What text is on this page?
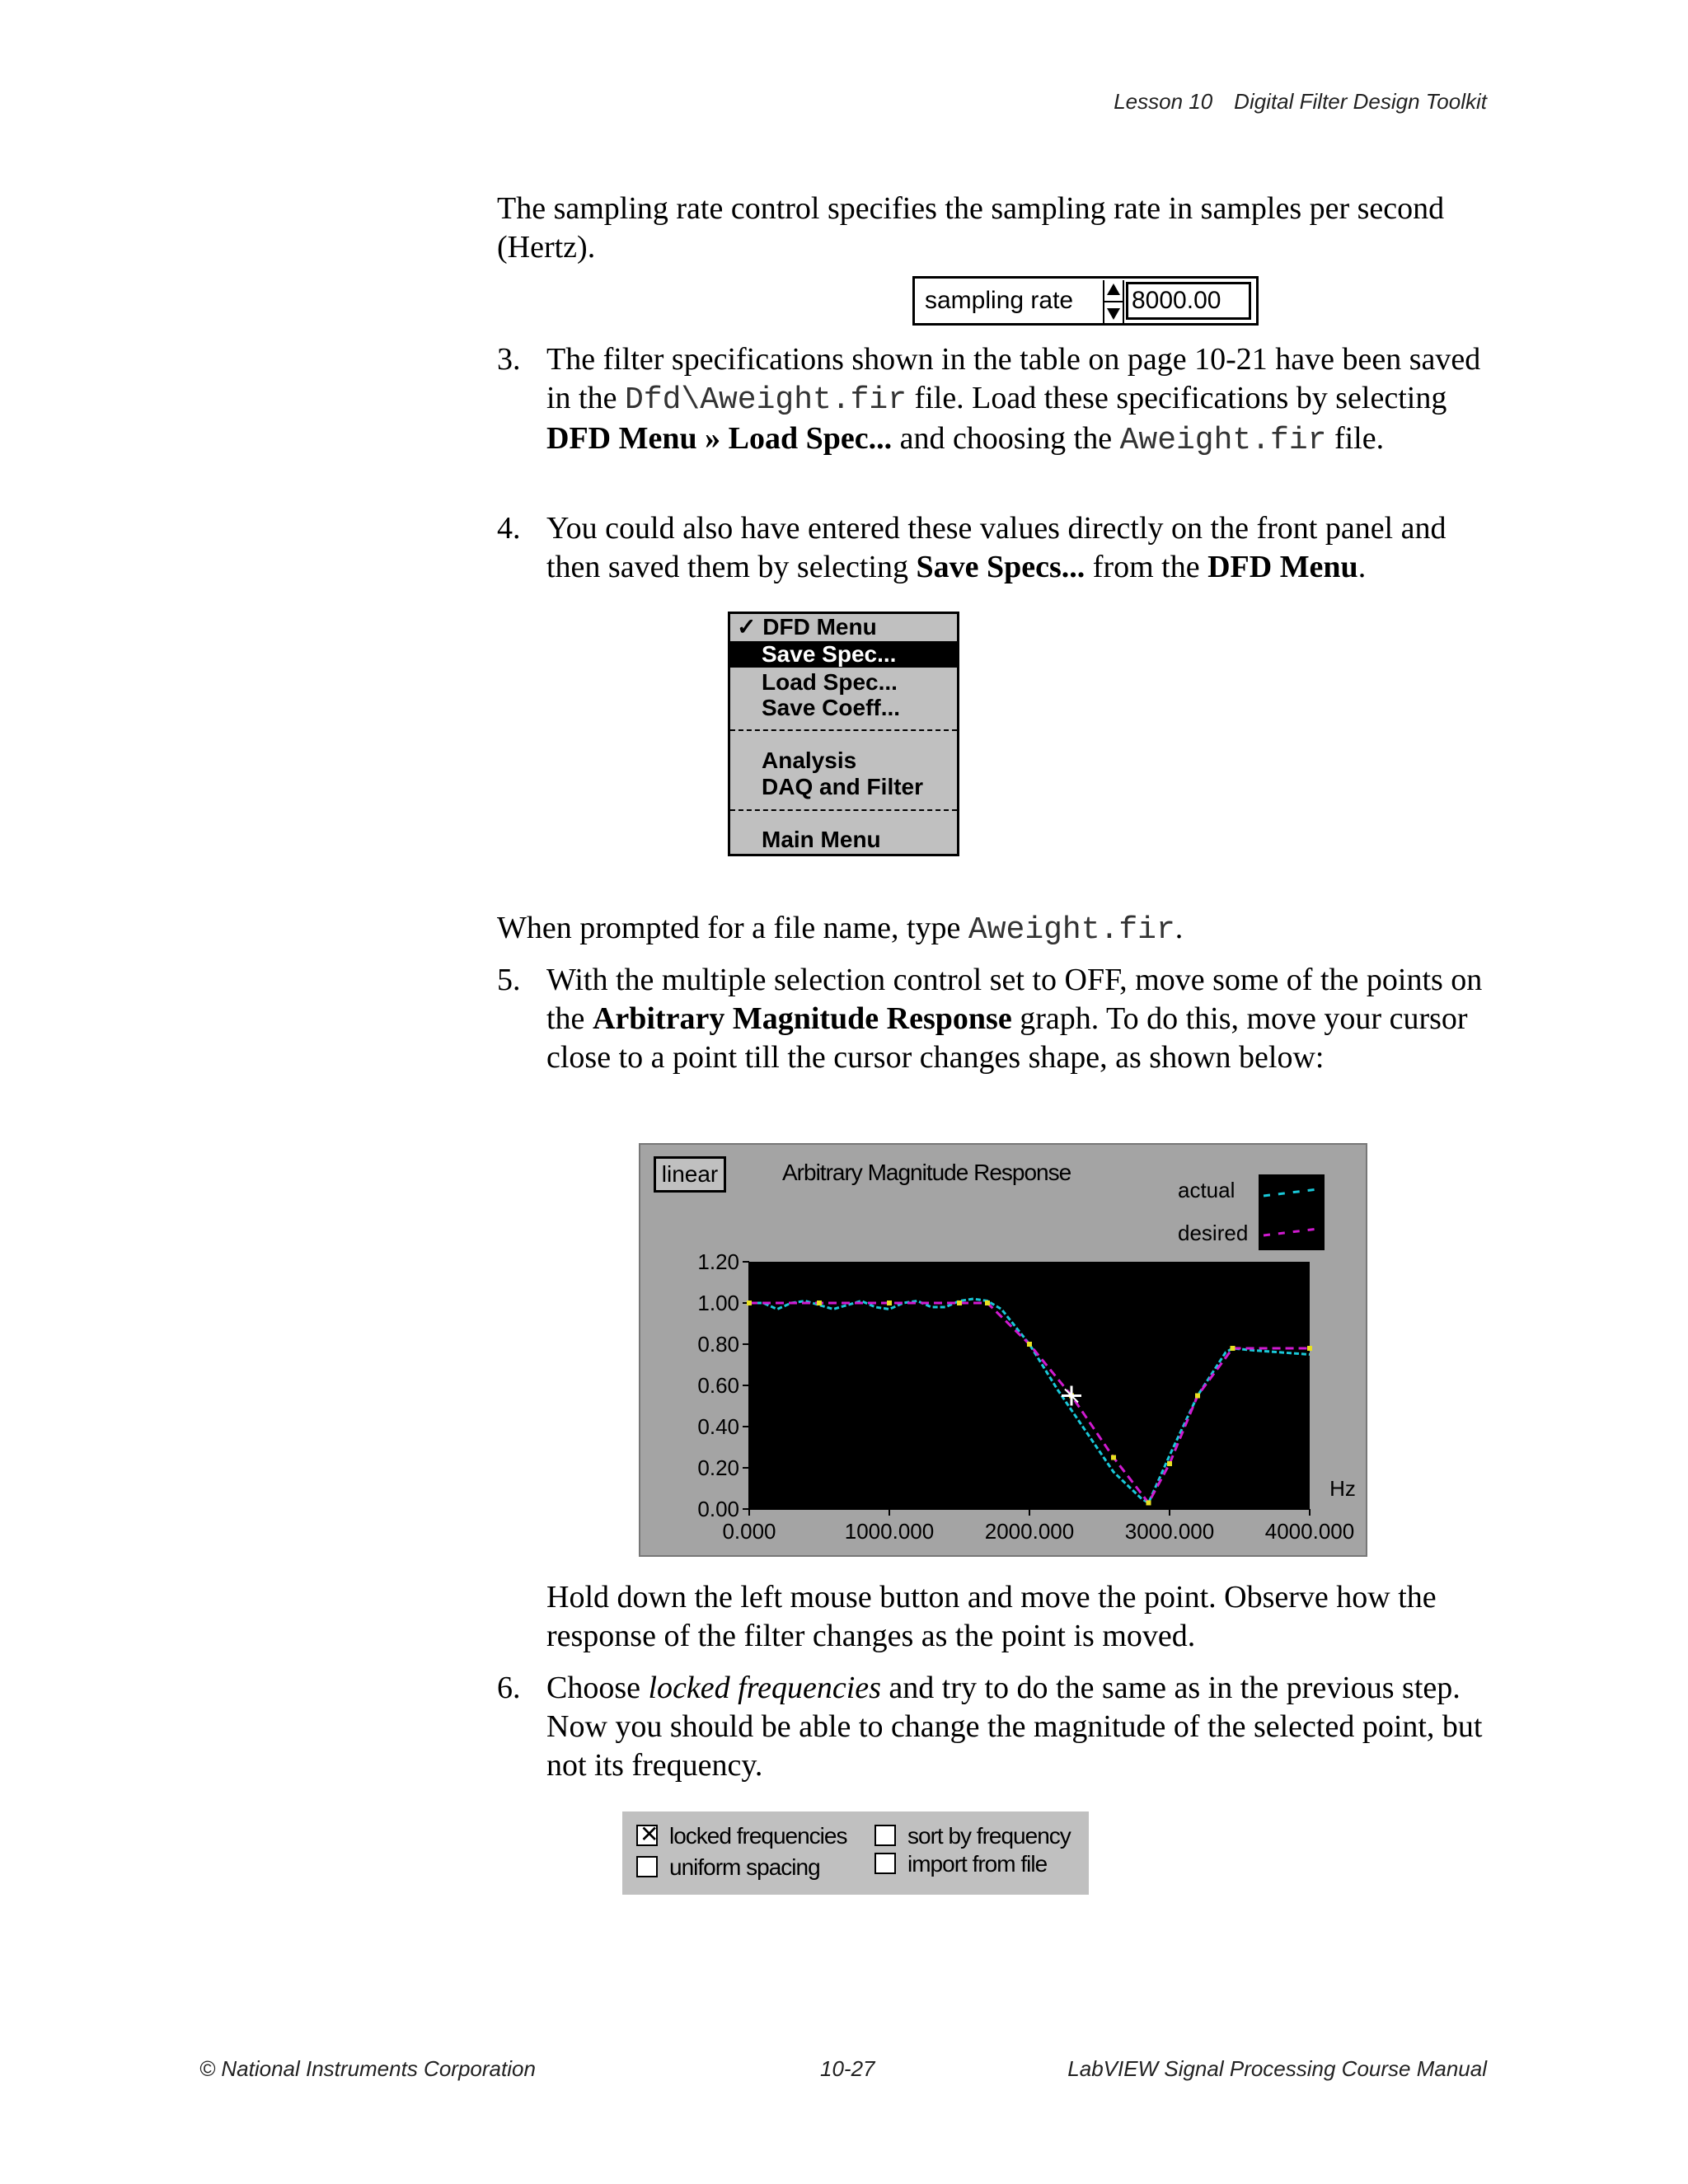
Lesson 10 Digital Filter Design Toolkit
The sampling rate control specifies the sampling rate in samples per second (Hertz).
sampling rate 8000.00
3. The filter specifications shown in the table on page 10-21 have been saved in the Dfd\Aweight.fir file. Load these specifications by selecting DFD Menu » Load Spec... and choosing the Aweight.fir file.
4. You could also have entered these values directly on the front panel and then saved them by selecting Save Specs... from the DFD Menu.
✓ DFD Menu
Save Spec...
Load Spec...
Save Coeff...
Analysis
DAQ and Filter
Main Menu
When prompted for a file name, type Aweight.fir.
5. With the multiple selection control set to OFF, move some of the points on the Arbitrary Magnitude Response graph. To do this, move your cursor close to a point till the cursor changes shape, as shown below:
linear	Arbitrary Magnitude Response
actual
desired
0.00
0.20
0.40
0.60
0.80
1.00
1.20
0.000	1000.000 2000.000 3000.000 4000.000
Hz
Hold down the left mouse button and move the point. Observe how the response of the filter changes as the point is moved.
6. Choose locked frequencies and try to do the same as in the previous step. Now you should be able to change the magnitude of the selected point, but not its frequency.
✕ locked frequencies
uniform spacing
sort by frequency
import from file
© National Instruments Corporation	10-27	LabVIEW Signal Processing Course Manual
